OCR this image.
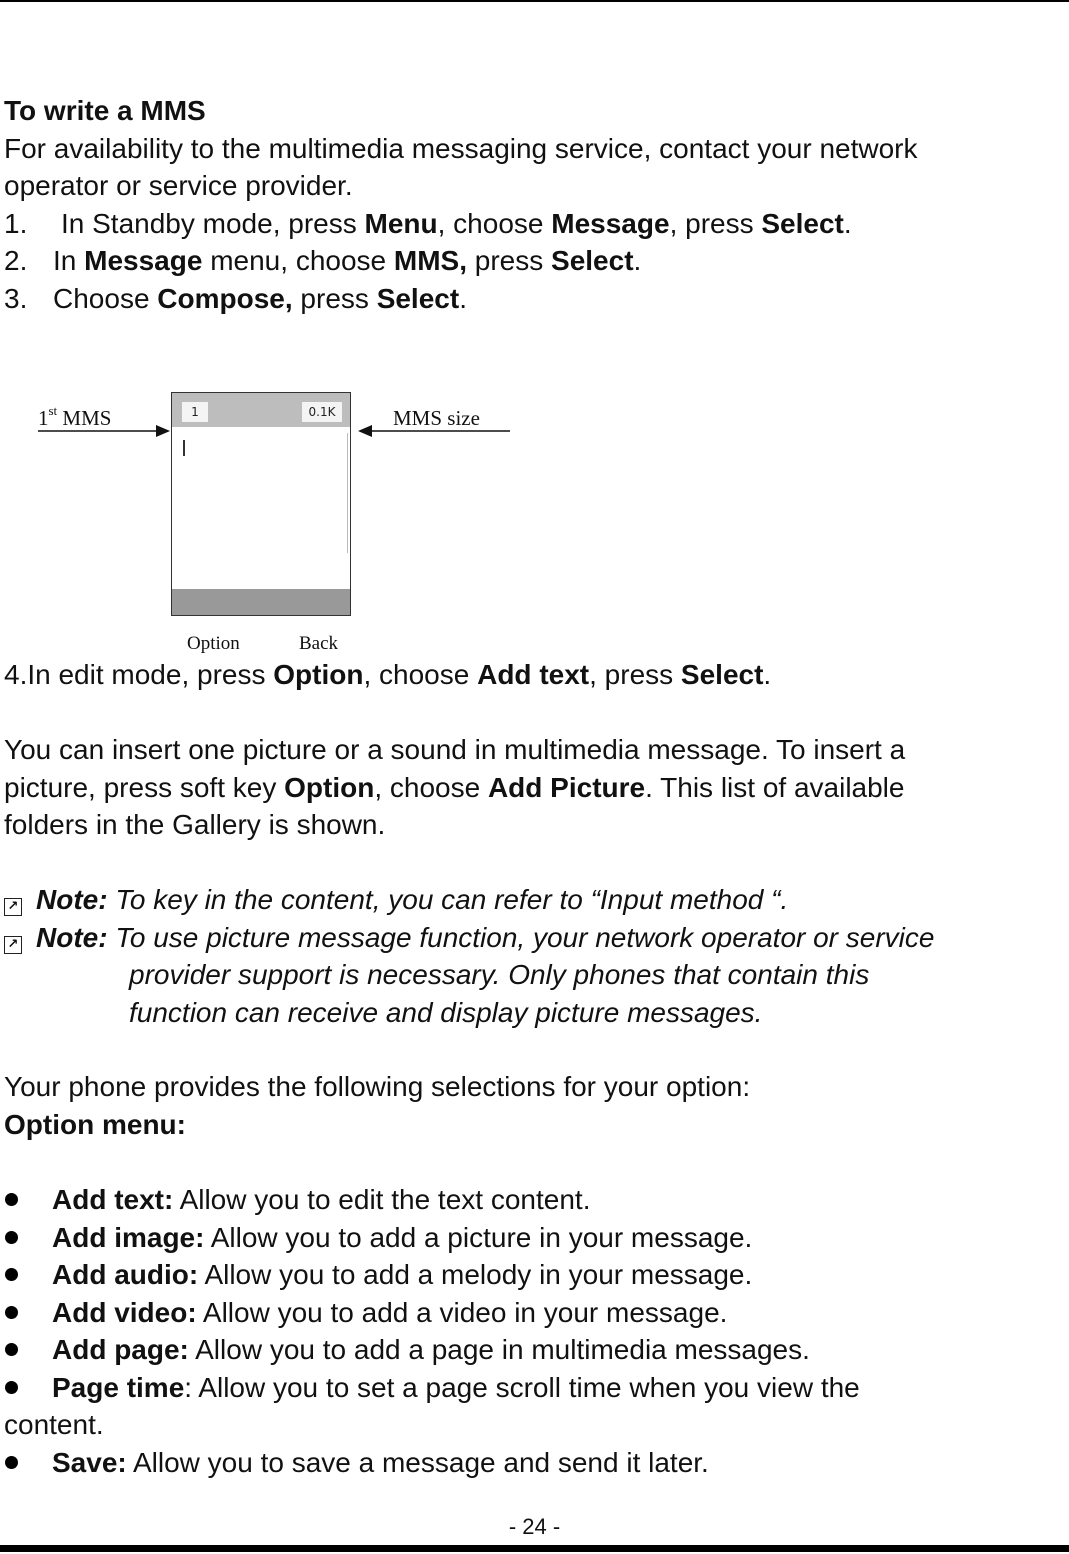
To write a MMS
For availability to the multimedia messaging service, contact your network
operator or service provider.
1. In Standby mode, press Menu, choose Message, press Select.
2. In Message menu, choose MMS, press Select.
3. Choose Compose, press Select.
1st MMS	MMS size
1	0.1K
Option	Back
4.In edit mode, press Option, choose Add text, press Select.
You can insert one picture or a sound in multimedia message. To insert a
picture, press soft key Option, choose Add Picture. This list of available
folders in the Gallery is shown.
↗ Note: To key in the content, you can refer to “Input method “.
↗ Note: To use picture message function, your network operator or service
provider support is necessary. Only phones that contain this
function can receive and display picture messages.
Your phone provides the following selections for your option:
Option menu:
Add text: Allow you to edit the text content.
Add image: Allow you to add a picture in your message.
Add audio: Allow you to add a melody in your message.
Add video: Allow you to add a video in your message.
Add page: Allow you to add a page in multimedia messages.
Page time: Allow you to set a page scroll time when you view the
content.
Save: Allow you to save a message and send it later.
- 24 -
